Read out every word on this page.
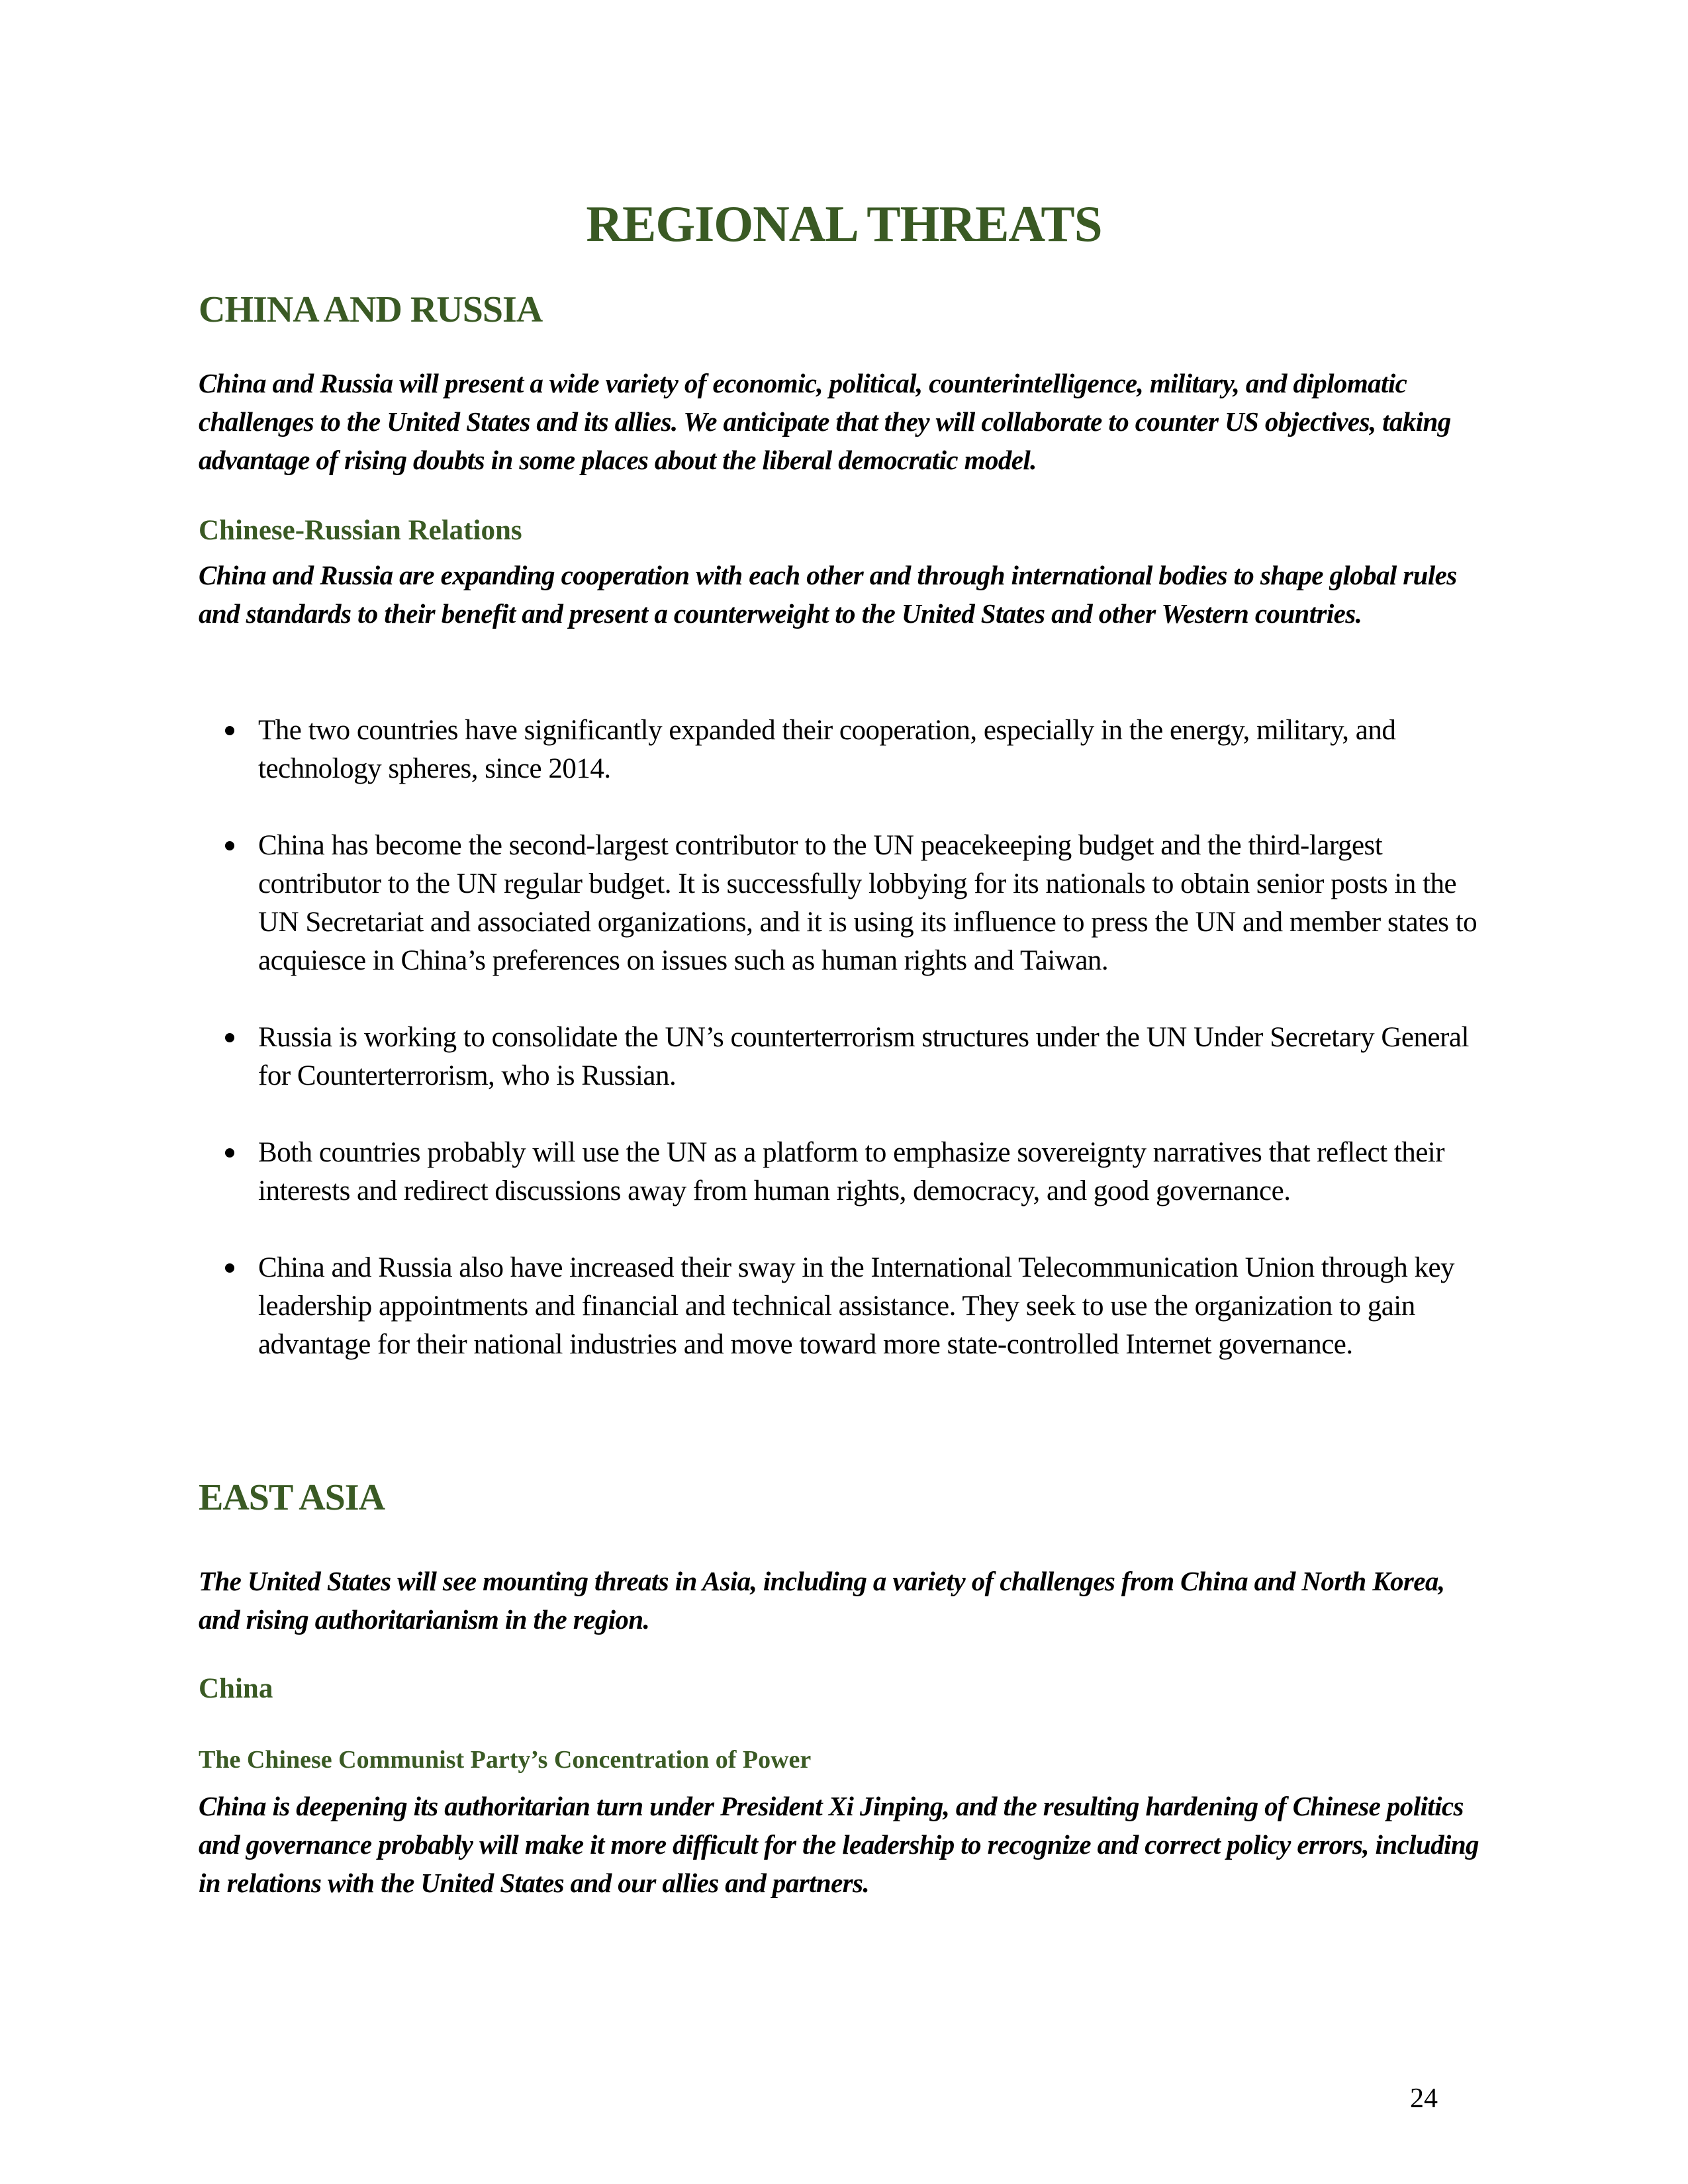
REGIONAL THREATS
CHINA AND RUSSIA

China and Russia will present a wide variety of economic, political, counterintelligence, military, and diplomatic challenges to the United States and its allies. We anticipate that they will collaborate to counter US objectives, taking advantage of rising doubts in some places about the liberal democratic model.

Chinese-Russian Relations

China and Russia are expanding cooperation with each other and through international bodies to shape global rules and standards to their benefit and present a counterweight to the United States and other Western countries.

The two countries have significantly expanded their cooperation, especially in the energy, military, and technology spheres, since 2014.
China has become the second-largest contributor to the UN peacekeeping budget and the third-largest contributor to the UN regular budget. It is successfully lobbying for its nationals to obtain senior posts in the UN Secretariat and associated organizations, and it is using its influence to press the UN and member states to acquiesce in China’s preferences on issues such as human rights and Taiwan.
Russia is working to consolidate the UN’s counterterrorism structures under the UN Under Secretary General for Counterterrorism, who is Russian.
Both countries probably will use the UN as a platform to emphasize sovereignty narratives that reflect their interests and redirect discussions away from human rights, democracy, and good governance.
China and Russia also have increased their sway in the International Telecommunication Union through key leadership appointments and financial and technical assistance. They seek to use the organization to gain advantage for their national industries and move toward more state-controlled Internet governance.
EAST ASIA

The United States will see mounting threats in Asia, including a variety of challenges from China and North Korea, and rising authoritarianism in the region.

China
The Chinese Communist Party’s Concentration of Power

China is deepening its authoritarian turn under President Xi Jinping, and the resulting hardening of Chinese politics and governance probably will make it more difficult for the leadership to recognize and correct policy errors, including in relations with the United States and our allies and partners.

24
